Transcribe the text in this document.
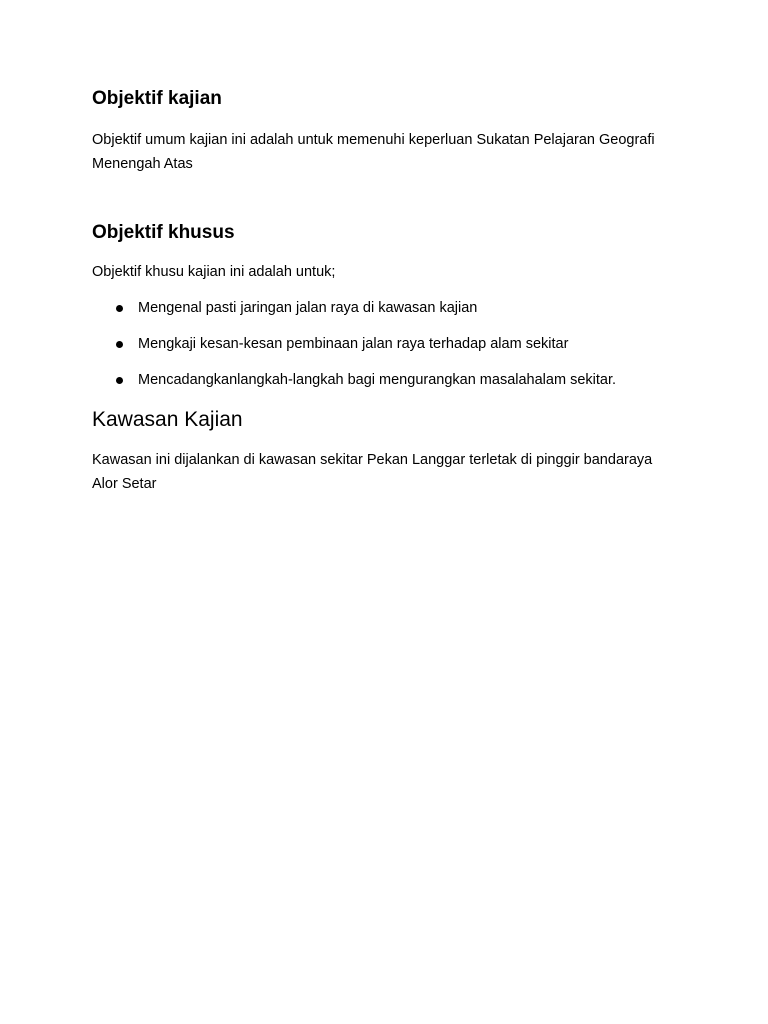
Objektif kajian

Objektif umum kajian ini adalah untuk memenuhi keperluan Sukatan Pelajaran Geografi Menengah Atas

Objektif khusus

Objektif khusu kajian ini adalah untuk;

Mengenal pasti jaringan jalan raya di kawasan kajian
Mengkaji kesan-kesan pembinaan jalan raya terhadap alam sekitar
Mencadangkanlangkah-langkah bagi mengurangkan masalahalam sekitar.
Kawasan Kajian

Kawasan ini dijalankan di kawasan sekitar Pekan Langgar terletak di pinggir bandaraya Alor Setar
